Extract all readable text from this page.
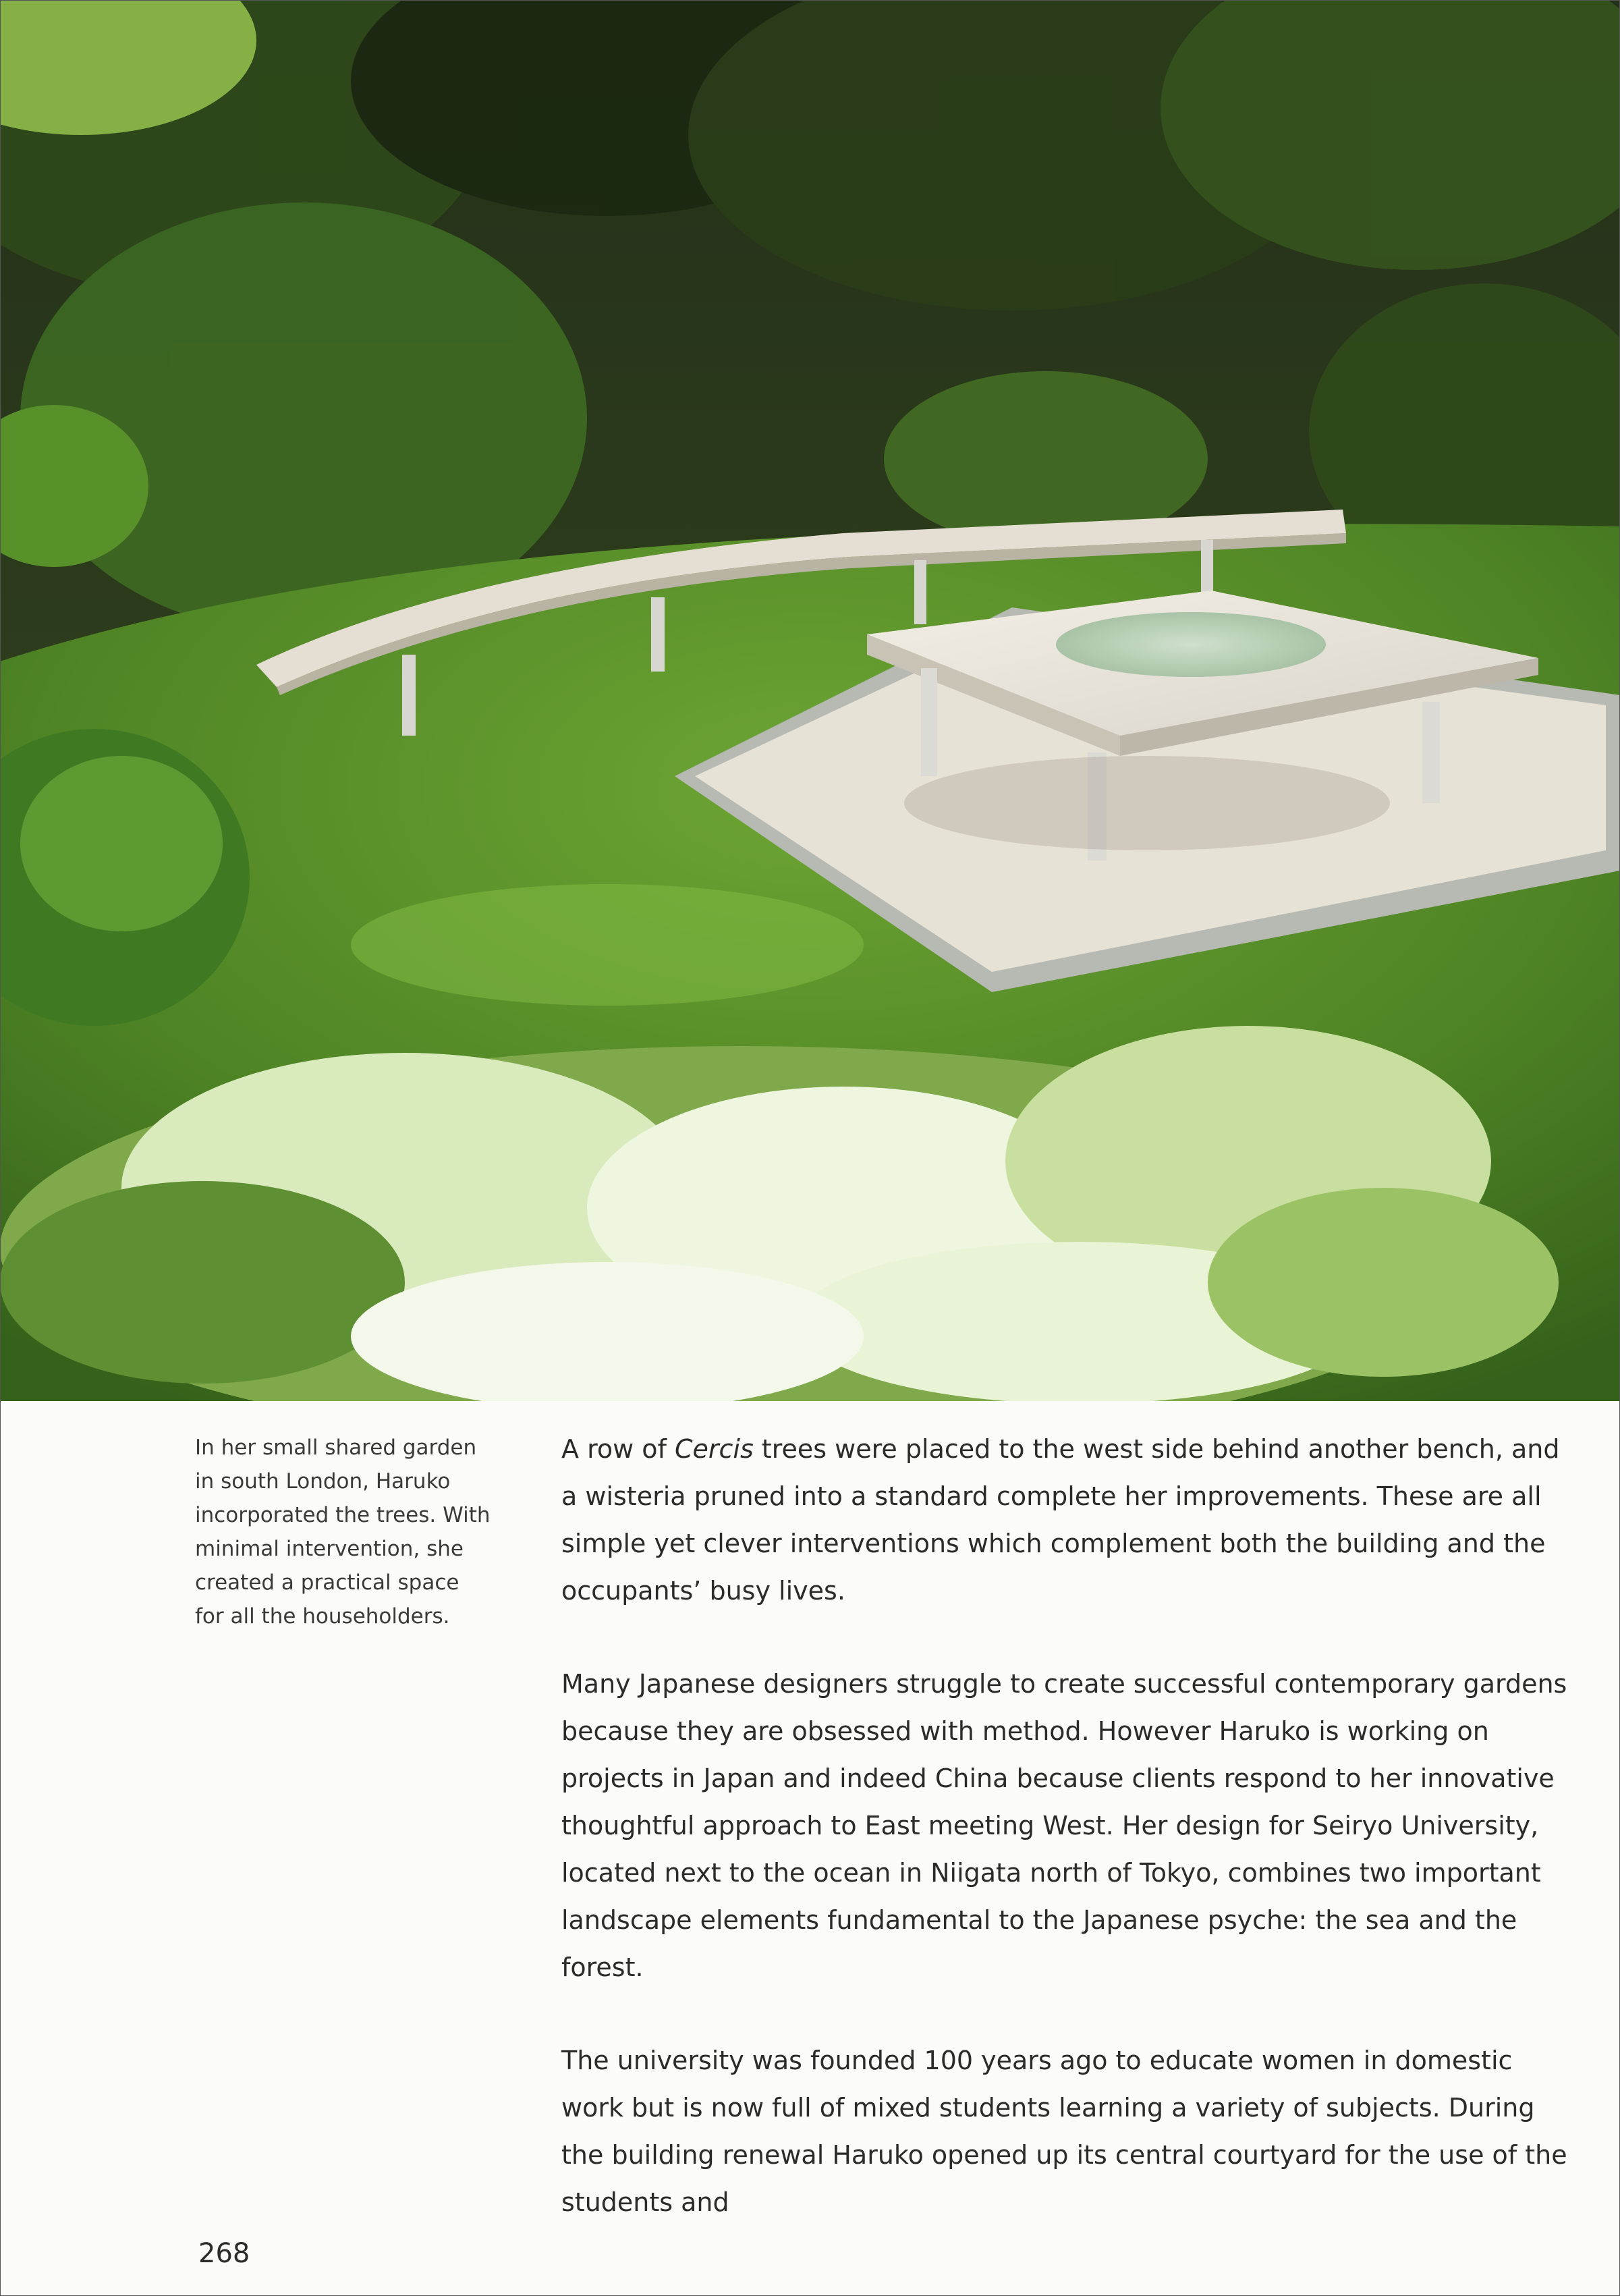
In her small shared garden in south London, Haruko incorporated the trees. With minimal intervention, she created a practical space for all the householders.

A row of Cercis trees were placed to the west side behind another bench, and a wisteria pruned into a standard complete her improvements. These are all simple yet clever interventions which complement both the building and the occupants’ busy lives.

Many Japanese designers struggle to create successful contemporary gardens because they are obsessed with method. However Haruko is working on projects in Japan and indeed China because clients respond to her innovative thoughtful approach to East meeting West. Her design for Seiryo University, located next to the ocean in Niigata north of Tokyo, combines two important landscape elements fundamental to the Japanese psyche: the sea and the forest.

The university was founded 100 years ago to educate women in domestic work but is now full of mixed students learning a variety of subjects. During the building renewal Haruko opened up its central courtyard for the use of the students and

268
